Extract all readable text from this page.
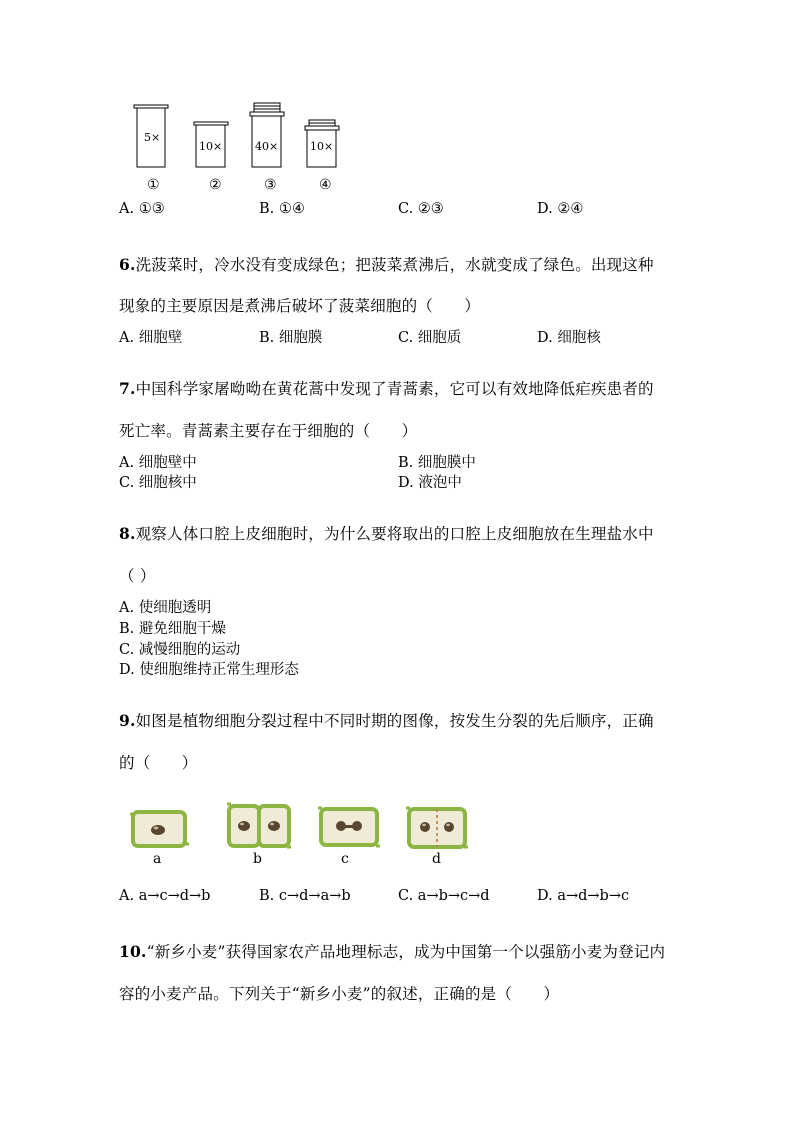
5×
10×	40×	10×
①	②	③	④
A. ①③	B. ①④	C. ②③	D. ②④
6.洗菠菜时，冷水没有变成绿色；把菠菜煮沸后，水就变成了绿色。出现这种
现象的主要原因是煮沸后破坏了菠菜细胞的（　　）
A. 细胞壁	B. 细胞膜	C. 细胞质	D. 细胞核
7.中国科学家屠呦呦在黄花蒿中发现了青蒿素，它可以有效地降低疟疾患者的
死亡率。青蒿素主要存在于细胞的（　　）
A. 细胞壁中	B. 细胞膜中
C. 细胞核中	D. 液泡中
8.观察人体口腔上皮细胞时，为什么要将取出的口腔上皮细胞放在生理盐水中
（ ）
A. 使细胞透明
B. 避免细胞干燥
C. 减慢细胞的运动
D. 使细胞维持正常生理形态
9.如图是植物细胞分裂过程中不同时期的图像，按发生分裂的先后顺序，正确
的（　　）
a	b	c	d
A. a→c→d→b	B. c→d→a→b	C. a→b→c→d	D. a→d→b→c
10.“新乡小麦”获得国家农产品地理标志，成为中国第一个以强筋小麦为登记内
容的小麦产品。下列关于“新乡小麦”的叙述，正确的是（　　）
